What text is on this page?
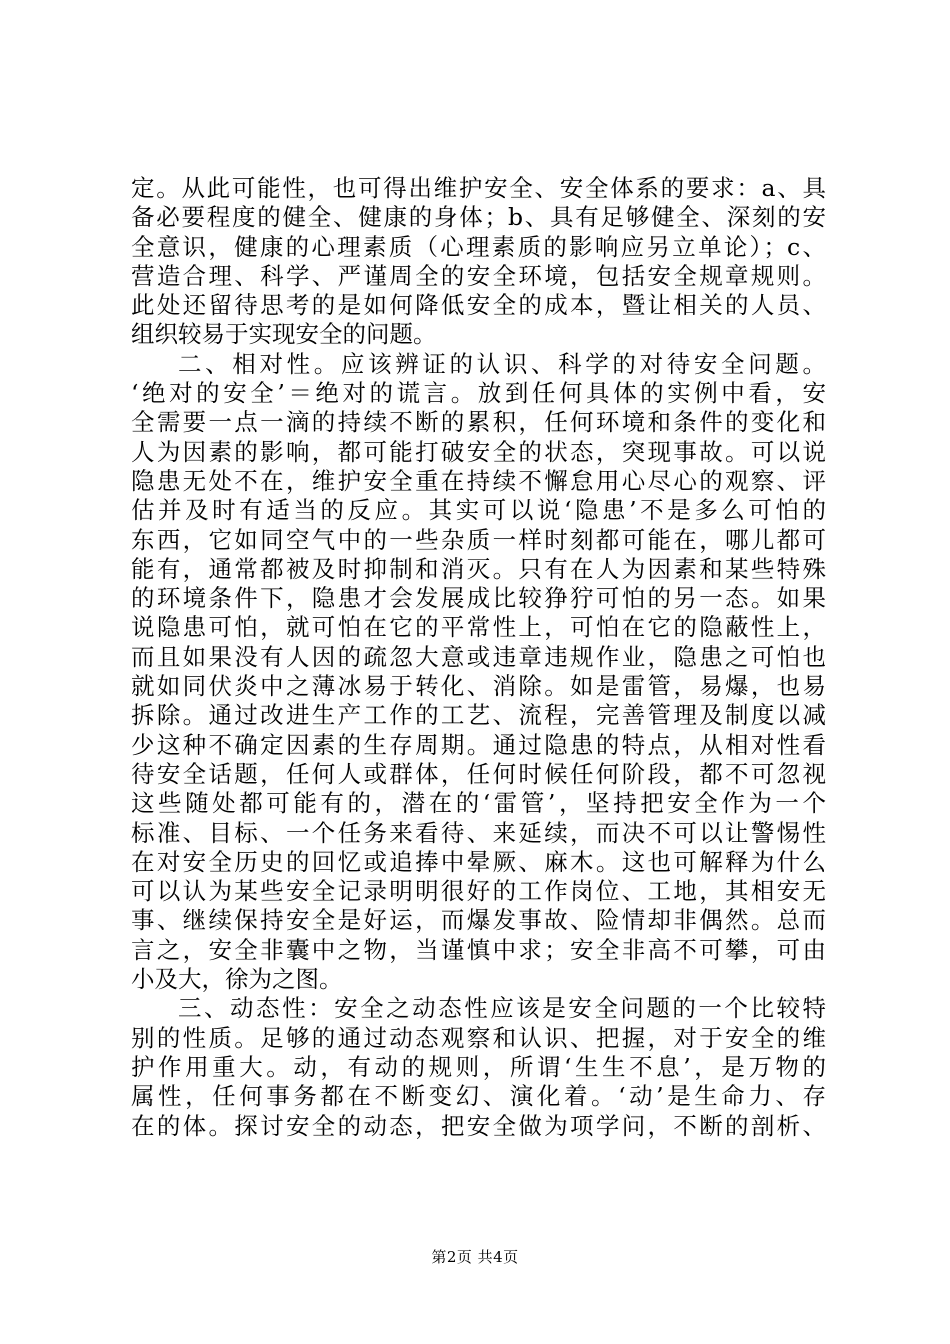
定。从此可能性，也可得出维护安全、安全体系的要求：a、具
备必要程度的健全、健康的身体；b、具有足够健全、深刻的安
全意识，健康的心理素质（心理素质的影响应另立单论）；c、
营造合理、科学、严谨周全的安全环境，包括安全规章规则。
此处还留待思考的是如何降低安全的成本，暨让相关的人员、
组织较易于实现安全的问题。
二、相对性。应该辨证的认识、科学的对待安全问题。
‘绝对的安全’＝绝对的谎言。放到任何具体的实例中看，安
全需要一点一滴的持续不断的累积，任何环境和条件的变化和
人为因素的影响，都可能打破安全的状态，突现事故。可以说
隐患无处不在，维护安全重在持续不懈怠用心尽心的观察、评
估并及时有适当的反应。其实可以说‘隐患’不是多么可怕的
东西，它如同空气中的一些杂质一样时刻都可能在，哪儿都可
能有，通常都被及时抑制和消灭。只有在人为因素和某些特殊
的环境条件下，隐患才会发展成比较狰狞可怕的另一态。如果
说隐患可怕，就可怕在它的平常性上，可怕在它的隐蔽性上，
而且如果没有人因的疏忽大意或违章违规作业，隐患之可怕也
就如同伏炎中之薄冰易于转化、消除。如是雷管，易爆，也易
拆除。通过改进生产工作的工艺、流程，完善管理及制度以减
少这种不确定因素的生存周期。通过隐患的特点，从相对性看
待安全话题，任何人或群体，任何时候任何阶段，都不可忽视
这些随处都可能有的，潜在的‘雷管’，坚持把安全作为一个
标准、目标、一个任务来看待、来延续，而决不可以让警惕性
在对安全历史的回忆或追捧中晕厥、麻木。这也可解释为什么
可以认为某些安全记录明明很好的工作岗位、工地，其相安无
事、继续保持安全是好运，而爆发事故、险情却非偶然。总而
言之，安全非囊中之物，当谨慎中求；安全非高不可攀，可由
小及大，徐为之图。
三、动态性：安全之动态性应该是安全问题的一个比较特
别的性质。足够的通过动态观察和认识、把握，对于安全的维
护作用重大。动，有动的规则，所谓‘生生不息’，是万物的
属性，任何事务都在不断变幻、演化着。‘动’是生命力、存
在的体。探讨安全的动态，把安全做为项学问，不断的剖析、
第2页 共4页
